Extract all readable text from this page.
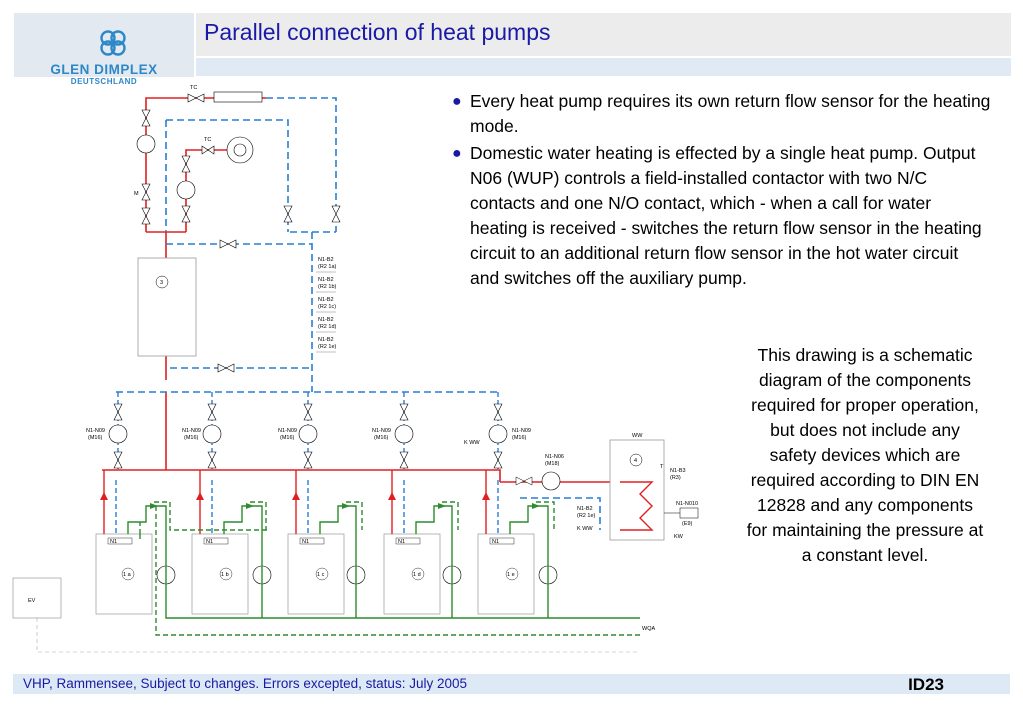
GLEN DIMPLEX
DEUTSCHLAND
Parallel connection of heat pumps
TC
TC
M
3
N1-B2
(R2 1a)
N1-B2
(R2 1b)
N1-B2
(R2 1c)
N1-B2
(R2 1d)
N1-B2
(R2 1e)
N1-N09
(M16)
N1-N09
(M16)
N1-N09
(M16)
N1-N09
(M16)
N1-N09
(M16)
K WW
N1-N06
(M18)
N1-B2
(R2 1e)
K WW
4
WW
T
N1-B3
(R3)
N1-N010
(E9)
KW
N1	N1	N1	N1	N1
1 a	1 b	1 c	1 d	1 e
EV
WQA
● Every heat pump requires its own return flow sensor for the heating mode.
● Domestic water heating is effected by a single heat pump. Output N06 (WUP) controls a field-installed contactor with two N/C contacts and one N/O contact, which - when a call for water heating is received - switches the return flow sensor in the heating circuit to an additional return flow sensor in the hot water circuit and switches off the auxiliary pump.
This drawing is a schematic diagram of the components required for proper operation, but does not include any safety devices which are required according to DIN EN 12828 and any components for maintaining the pressure at a constant level.
VHP, Rammensee, Subject to changes. Errors excepted, status: July 2005	ID23
